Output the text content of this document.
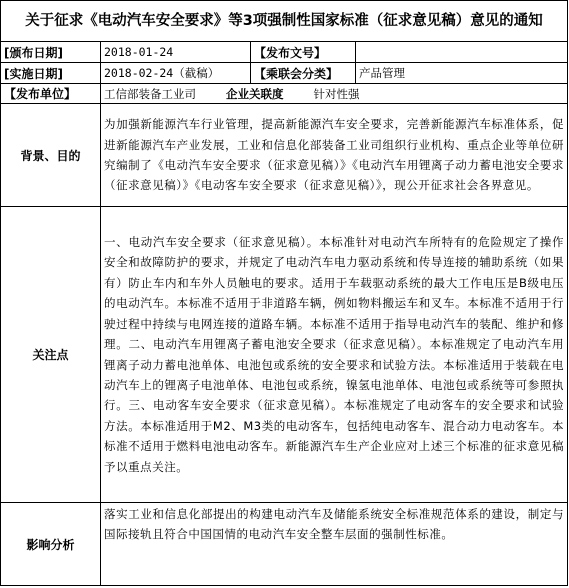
关于征求《电动汽车安全要求》等3项强制性国家标准（征求意见稿）意见的通知			
[颁布日期]	2018-01-24	【发布文号】	
[实施日期]	2018-02-24（截稿）	【乘联会分类】	产品管理
【发布单位】	工信部装备工业司 企业关联度 针对性强		
背景、目的	为加强新能源汽车行业管理，提高新能源汽车安全要求，完善新能源汽车标准体系，促进新能源汽车产业发展，工业和信息化部装备工业司组织行业机构、重点企业等单位研究编制了《电动汽车安全要求（征求意见稿）》《电动汽车用锂离子动力蓄电池安全要求（征求意见稿）》《电动客车安全要求（征求意见稿）》，现公开征求社会各界意见。		
关注点	一、电动汽车安全要求（征求意见稿）。本标准针对电动汽车所特有的危险规定了操作安全和故障防护的要求，并规定了电动汽车电力驱动系统和传导连接的辅助系统（如果有）防止车内和车外人员触电的要求。适用于车载驱动系统的最大工作电压是B级电压的电动汽车。本标准不适用于非道路车辆，例如物料搬运车和叉车。本标准不适用于行驶过程中持续与电网连接的道路车辆。本标准不适用于指导电动汽车的装配、维护和修理。二、电动汽车用锂离子蓄电池安全要求（征求意见稿）。本标准规定了电动汽车用锂离子动力蓄电池单体、电池包或系统的安全要求和试验方法。本标准适用于装载在电动汽车上的锂离子电池单体、电池包或系统，镍氢电池单体、电池包或系统等可参照执行。三、电动客车安全要求（征求意见稿）。本标准规定了电动客车的安全要求和试验方法。本标准适用于M2、M3类的电动客车，包括纯电动客车、混合动力电动客车。本标准不适用于燃料电池电动客车。新能源汽车生产企业应对上述三个标准的征求意见稿予以重点关注。		
影响分析	落实工业和信息化部提出的构建电动汽车及储能系统安全标准规范体系的建设，制定与国际接轨且符合中国国情的电动汽车安全整车层面的强制性标准。		
